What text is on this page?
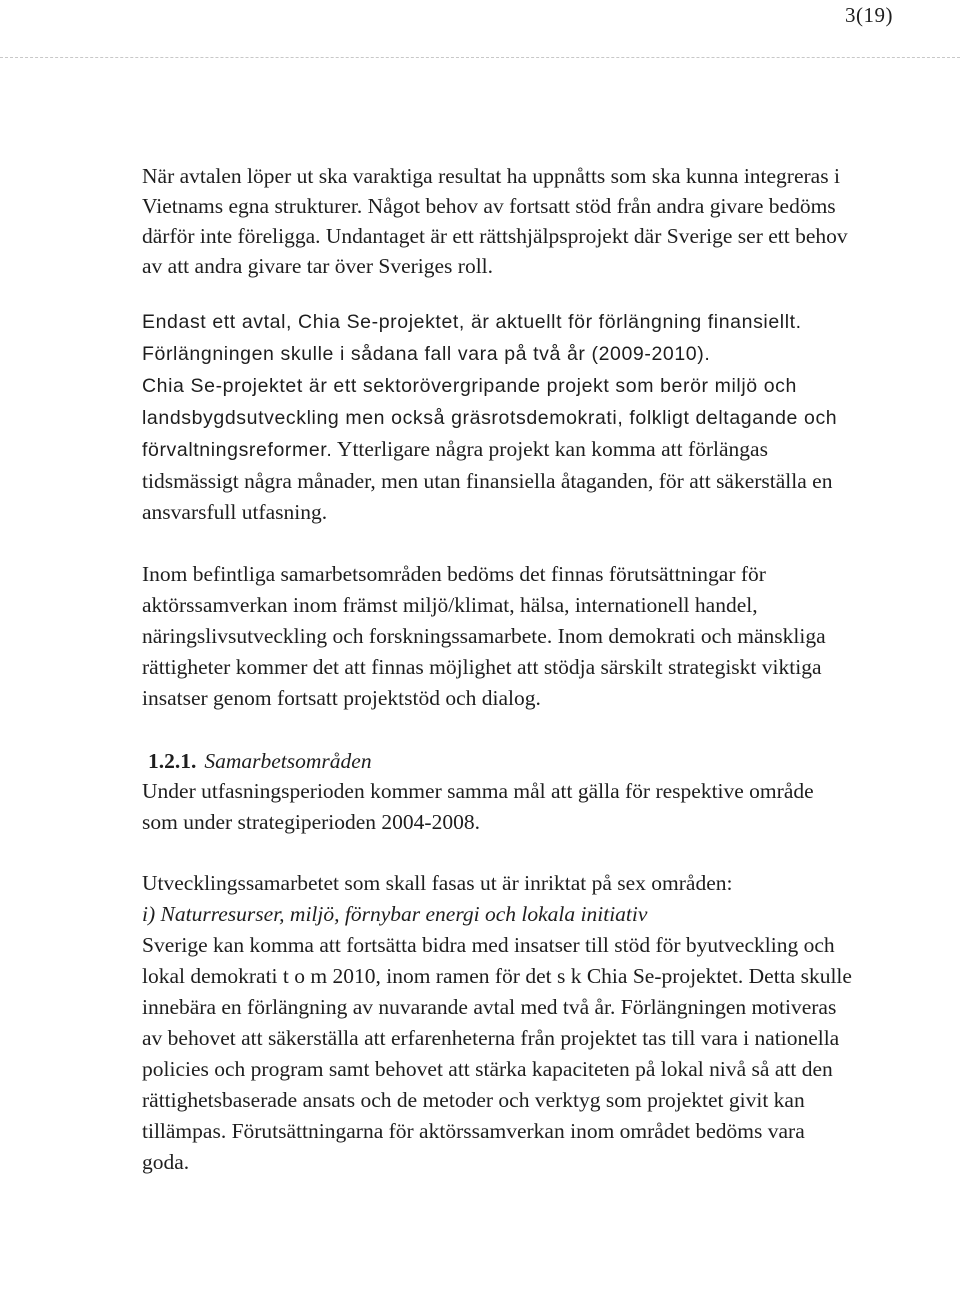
3(19)

När avtalen löper ut ska varaktiga resultat ha uppnåtts som ska kunna integreras i Vietnams egna strukturer. Något behov av fortsatt stöd från andra givare bedöms därför inte föreligga. Undantaget är ett rättshjälpsprojekt där Sverige ser ett behov av att andra givare tar över Sveriges roll.

Endast ett avtal, Chia Se-projektet, är aktuellt för förlängning finansiellt. Förlängningen skulle i sådana fall vara på två år (2009-2010).
Chia Se-projektet är ett sektorövergripande projekt som berör miljö och landsbygdsutveckling men också gräsrotsdemokrati, folkligt deltagande och förvaltningsreformer. Ytterligare några projekt kan komma att förlängas tidsmässigt några månader, men utan finansiella åtaganden, för att säkerställa en ansvarsfull utfasning.

Inom befintliga samarbetsområden bedöms det finnas förutsättningar för aktörssamverkan inom främst miljö/klimat, hälsa, internationell handel, näringslivsutveckling och forskningssamarbete. Inom demokrati och mänskliga rättigheter kommer det att finnas möjlighet att stödja särskilt strategiskt viktiga insatser genom fortsatt projektstöd och dialog.

1.2.1. Samarbetsområden

Under utfasningsperioden kommer samma mål att gälla för respektive område som under strategiperioden 2004-2008.

Utvecklingssamarbetet som skall fasas ut är inriktat på sex områden:

i) Naturresurser, miljö, förnybar energi och lokala initiativ

Sverige kan komma att fortsätta bidra med insatser till stöd för byutveckling och lokal demokrati t o m 2010, inom ramen för det s k Chia Se-projektet. Detta skulle innebära en förlängning av nuvarande avtal med två år. Förlängningen motiveras av behovet att säkerställa att erfarenheterna från projektet tas till vara i nationella policies och program samt behovet att stärka kapaciteten på lokal nivå så att den rättighetsbaserade ansats och de metoder och verktyg som projektet givit kan tillämpas. Förutsättningarna för aktörssamverkan inom området bedöms vara goda.
